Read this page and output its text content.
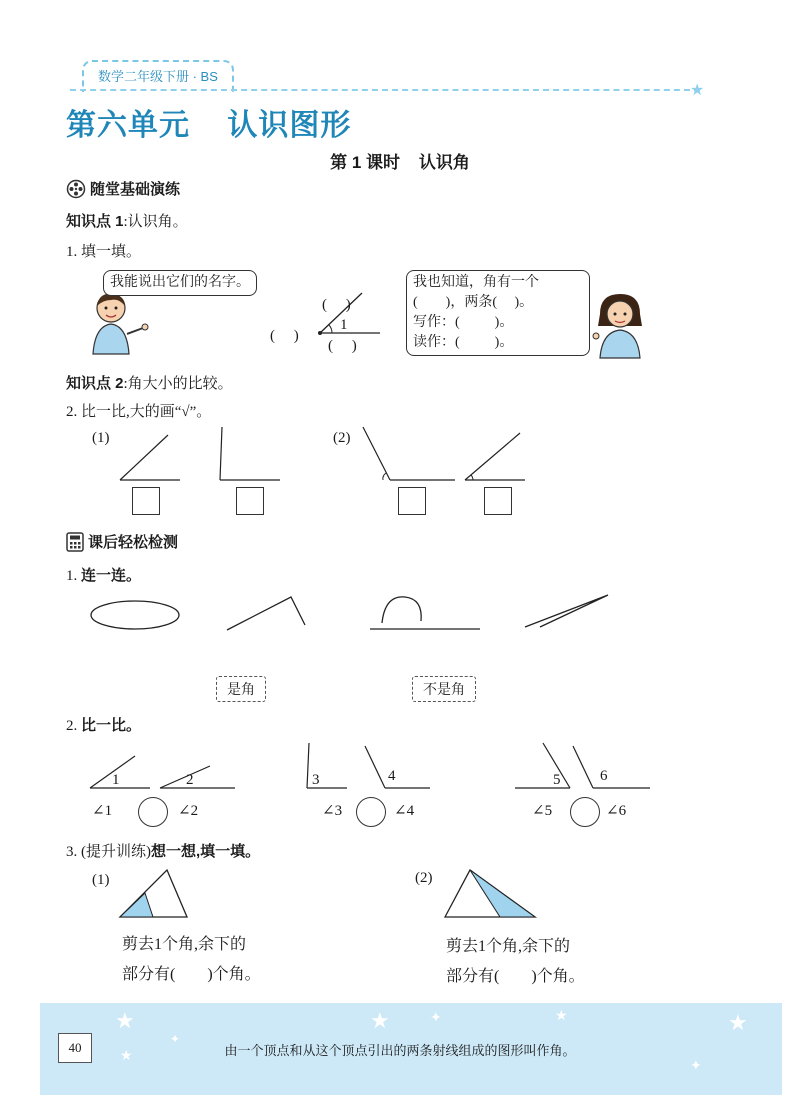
数学二年级下册 · BS
★
第六单元    认识图形
第 1 课时    认识角
随堂基础演练
知识点 1:认识角。
1. 填一填。
我能说出它们的名字。
(     )
(     )
1
(     )
我也知道，角有一个
(        )，两条(     )。
写作：(          )。
读作：(          )。
知识点 2:角大小的比较。
2. 比一比,大的画“√”。
(1)	(2)
课后轻松检测
1. 连一连。
是角	不是角
2. 比一比。
1	2	3	4	5	6
∠1	∠2	∠3	∠4	∠5	∠6
3. (提升训练)想一想,填一填。
(1)	(2)
剪去1个角,余下的
部分有(        )个角。
剪去1个角,余下的
部分有(        )个角。
★	★	★	★
★
✦
✦
✦
40	由一个顶点和从这个顶点引出的两条射线组成的图形叫作角。
